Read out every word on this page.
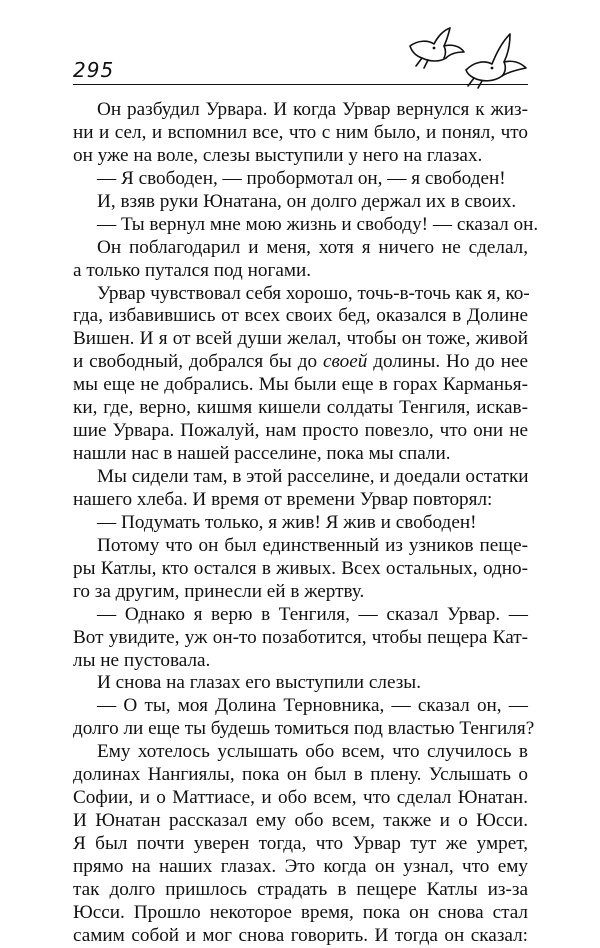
295
Он разбудил Урвара. И когда Урвар вернулся к жиз-
ни и сел, и вспомнил все, что с ним было, и понял, что
он уже на воле, слезы выступили у него на глазах.
— Я свободен, — пробормотал он, — я свободен!
И, взяв руки Юнатана, он долго держал их в своих.
— Ты вернул мне мою жизнь и свободу! — сказал он.
Он поблагодарил и меня, хотя я ничего не сделал,
а только путался под ногами.
Урвар чувствовал себя хорошо, точь-в-точь как я, ко-
гда, избавившись от всех своих бед, оказался в Долине
Вишен. И я от всей души желал, чтобы он тоже, живой
и свободный, добрался бы до своей долины. Но до нее
мы еще не добрались. Мы были еще в горах Карманья-
ки, где, верно, кишмя кишели солдаты Тенгиля, искав-
шие Урвара. Пожалуй, нам просто повезло, что они не
нашли нас в нашей расселине, пока мы спали.
Мы сидели там, в этой расселине, и доедали остатки
нашего хлеба. И время от времени Урвар повторял:
— Подумать только, я жив! Я жив и свободен!
Потому что он был единственный из узников пеще-
ры Катлы, кто остался в живых. Всех остальных, одно-
го за другим, принесли ей в жертву.
— Однако я верю в Тенгиля, — сказал Урвар. —
Вот увидите, уж он-то позаботится, чтобы пещера Кат-
лы не пустовала.
И снова на глазах его выступили слезы.
— О ты, моя Долина Терновника, — сказал он, —
долго ли еще ты будешь томиться под властью Тенгиля?
Ему хотелось услышать обо всем, что случилось в
долинах Нангиялы, пока он был в плену. Услышать о
Софии, и о Маттиасе, и обо всем, что сделал Юнатан.
И Юнатан рассказал ему обо всем, также и о Юсси.
Я был почти уверен тогда, что Урвар тут же умрет,
прямо на наших глазах. Это когда он узнал, что ему
так долго пришлось страдать в пещере Катлы из-за
Юсси. Прошло некоторое время, пока он снова стал
самим собой и мог снова говорить. И тогда он сказал:
